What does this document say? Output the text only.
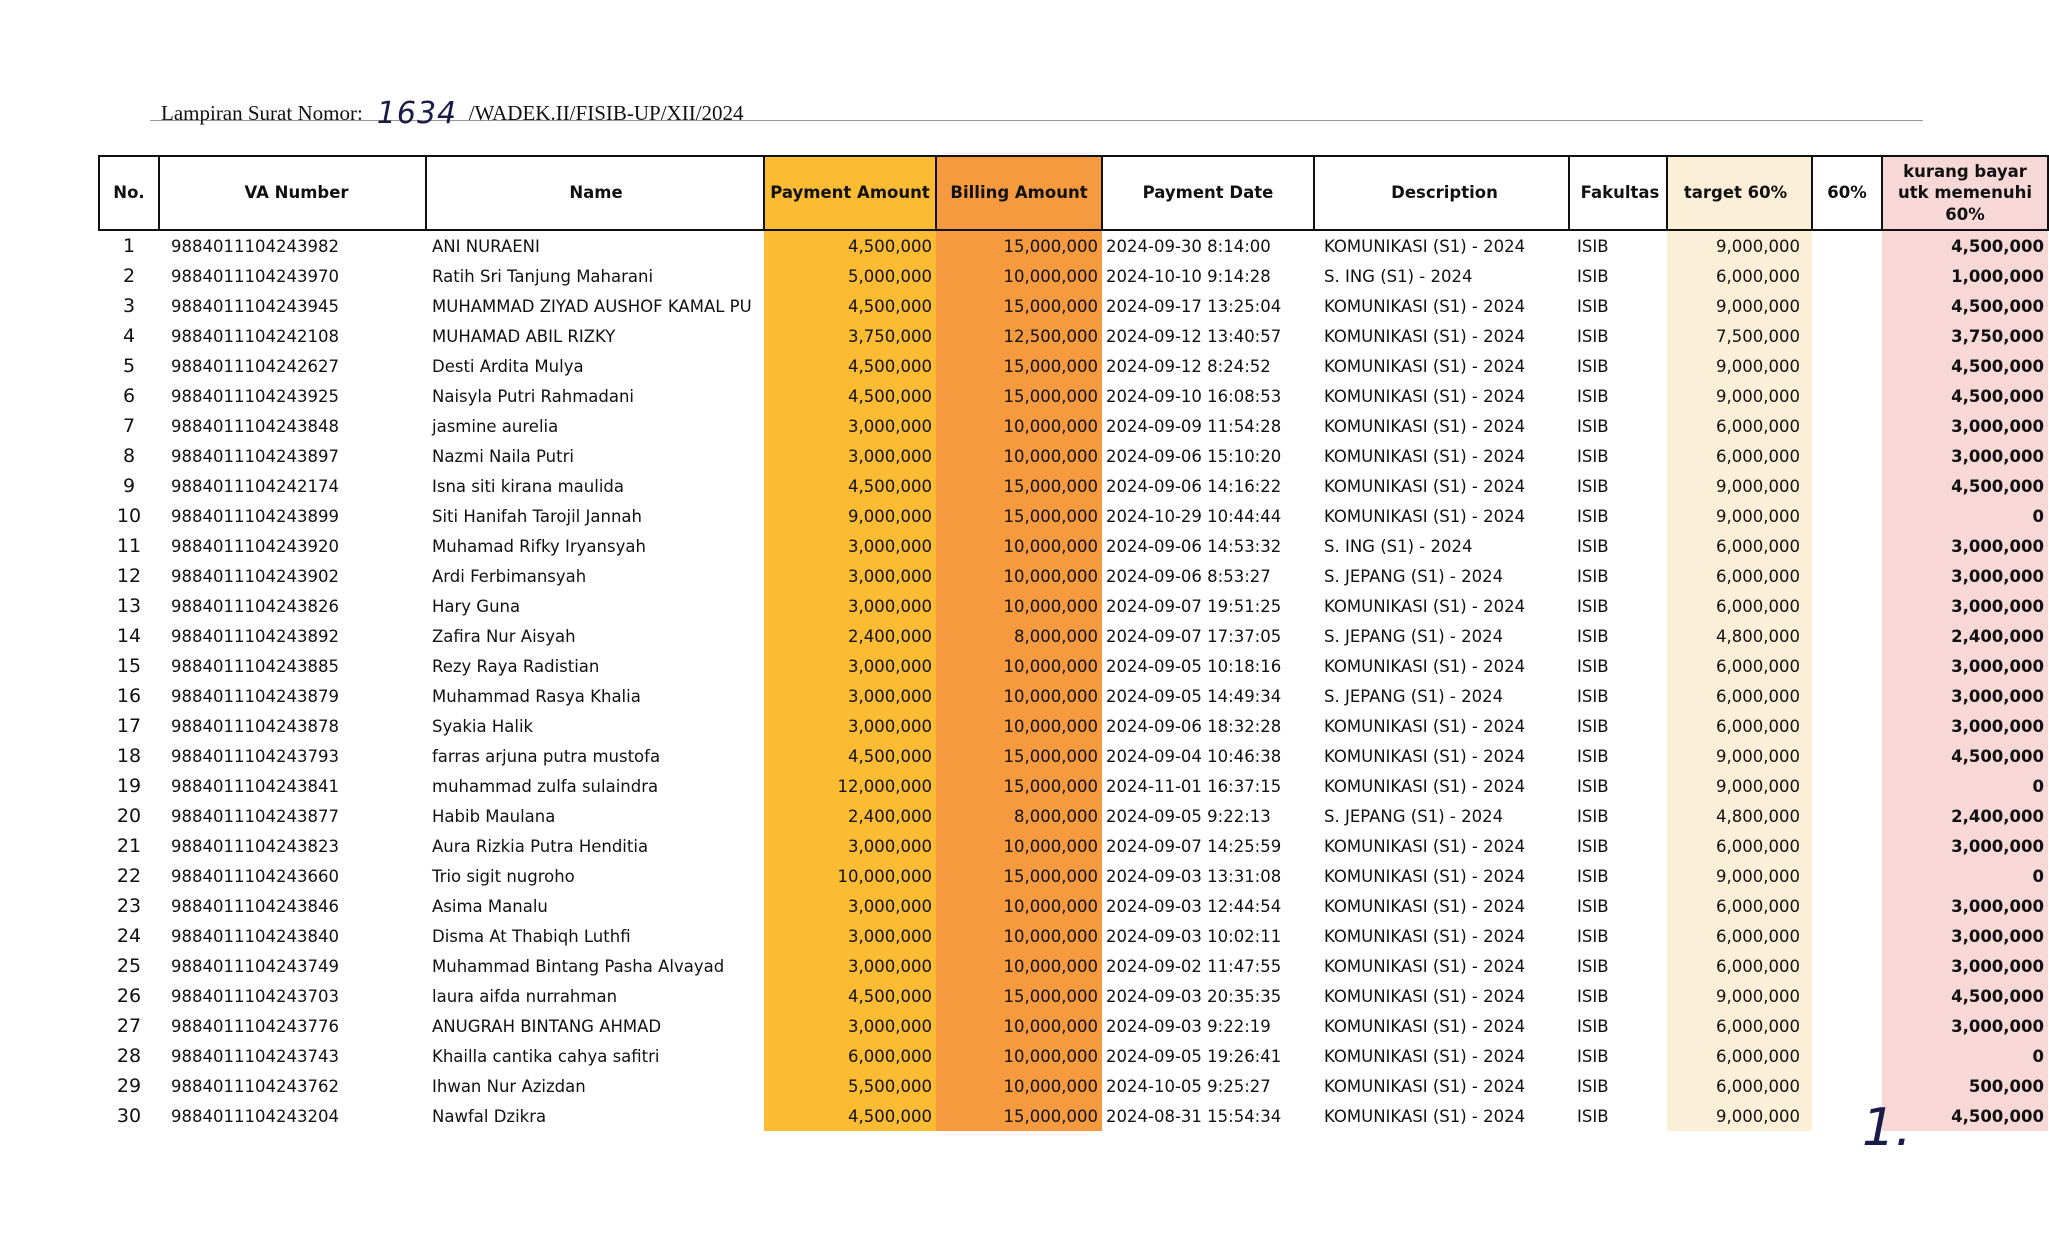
Lampiran Surat Nomor: 1634 /WADEK.II/FISIB-UP/XII/2024
No.	VA Number	Name	Payment Amount	Billing Amount	Payment Date	Description	Fakultas	target 60%	60%	kurang bayar utk memenuhi 60%
1	9884011104243982	ANI NURAENI	4,500,000	15,000,000	2024-09-30 8:14:00	KOMUNIKASI (S1) - 2024	ISIB	9,000,000		4,500,000
2	9884011104243970	Ratih Sri Tanjung Maharani	5,000,000	10,000,000	2024-10-10 9:14:28	S. ING (S1) - 2024	ISIB	6,000,000		1,000,000
3	9884011104243945	MUHAMMAD ZIYAD AUSHOF KAMAL PU	4,500,000	15,000,000	2024-09-17 13:25:04	KOMUNIKASI (S1) - 2024	ISIB	9,000,000		4,500,000
4	9884011104242108	MUHAMAD ABIL RIZKY	3,750,000	12,500,000	2024-09-12 13:40:57	KOMUNIKASI (S1) - 2024	ISIB	7,500,000		3,750,000
5	9884011104242627	Desti Ardita Mulya	4,500,000	15,000,000	2024-09-12 8:24:52	KOMUNIKASI (S1) - 2024	ISIB	9,000,000		4,500,000
6	9884011104243925	Naisyla Putri Rahmadani	4,500,000	15,000,000	2024-09-10 16:08:53	KOMUNIKASI (S1) - 2024	ISIB	9,000,000		4,500,000
7	9884011104243848	jasmine aurelia	3,000,000	10,000,000	2024-09-09 11:54:28	KOMUNIKASI (S1) - 2024	ISIB	6,000,000		3,000,000
8	9884011104243897	Nazmi Naila Putri	3,000,000	10,000,000	2024-09-06 15:10:20	KOMUNIKASI (S1) - 2024	ISIB	6,000,000		3,000,000
9	9884011104242174	Isna siti kirana maulida	4,500,000	15,000,000	2024-09-06 14:16:22	KOMUNIKASI (S1) - 2024	ISIB	9,000,000		4,500,000
10	9884011104243899	Siti Hanifah Tarojil Jannah	9,000,000	15,000,000	2024-10-29 10:44:44	KOMUNIKASI (S1) - 2024	ISIB	9,000,000		0
11	9884011104243920	Muhamad Rifky Iryansyah	3,000,000	10,000,000	2024-09-06 14:53:32	S. ING (S1) - 2024	ISIB	6,000,000		3,000,000
12	9884011104243902	Ardi Ferbimansyah	3,000,000	10,000,000	2024-09-06 8:53:27	S. JEPANG (S1) - 2024	ISIB	6,000,000		3,000,000
13	9884011104243826	Hary Guna	3,000,000	10,000,000	2024-09-07 19:51:25	KOMUNIKASI (S1) - 2024	ISIB	6,000,000		3,000,000
14	9884011104243892	Zafira Nur Aisyah	2,400,000	8,000,000	2024-09-07 17:37:05	S. JEPANG (S1) - 2024	ISIB	4,800,000		2,400,000
15	9884011104243885	Rezy Raya Radistian	3,000,000	10,000,000	2024-09-05 10:18:16	KOMUNIKASI (S1) - 2024	ISIB	6,000,000		3,000,000
16	9884011104243879	Muhammad Rasya Khalia	3,000,000	10,000,000	2024-09-05 14:49:34	S. JEPANG (S1) - 2024	ISIB	6,000,000		3,000,000
17	9884011104243878	Syakia Halik	3,000,000	10,000,000	2024-09-06 18:32:28	KOMUNIKASI (S1) - 2024	ISIB	6,000,000		3,000,000
18	9884011104243793	farras arjuna putra mustofa	4,500,000	15,000,000	2024-09-04 10:46:38	KOMUNIKASI (S1) - 2024	ISIB	9,000,000		4,500,000
19	9884011104243841	muhammad zulfa sulaindra	12,000,000	15,000,000	2024-11-01 16:37:15	KOMUNIKASI (S1) - 2024	ISIB	9,000,000		0
20	9884011104243877	Habib Maulana	2,400,000	8,000,000	2024-09-05 9:22:13	S. JEPANG (S1) - 2024	ISIB	4,800,000		2,400,000
21	9884011104243823	Aura Rizkia Putra Henditia	3,000,000	10,000,000	2024-09-07 14:25:59	KOMUNIKASI (S1) - 2024	ISIB	6,000,000		3,000,000
22	9884011104243660	Trio sigit nugroho	10,000,000	15,000,000	2024-09-03 13:31:08	KOMUNIKASI (S1) - 2024	ISIB	9,000,000		0
23	9884011104243846	Asima Manalu	3,000,000	10,000,000	2024-09-03 12:44:54	KOMUNIKASI (S1) - 2024	ISIB	6,000,000		3,000,000
24	9884011104243840	Disma At Thabiqh Luthfi	3,000,000	10,000,000	2024-09-03 10:02:11	KOMUNIKASI (S1) - 2024	ISIB	6,000,000		3,000,000
25	9884011104243749	Muhammad Bintang Pasha Alvayad	3,000,000	10,000,000	2024-09-02 11:47:55	KOMUNIKASI (S1) - 2024	ISIB	6,000,000		3,000,000
26	9884011104243703	laura aifda nurrahman	4,500,000	15,000,000	2024-09-03 20:35:35	KOMUNIKASI (S1) - 2024	ISIB	9,000,000		4,500,000
27	9884011104243776	ANUGRAH BINTANG AHMAD	3,000,000	10,000,000	2024-09-03 9:22:19	KOMUNIKASI (S1) - 2024	ISIB	6,000,000		3,000,000
28	9884011104243743	Khailla cantika cahya safitri	6,000,000	10,000,000	2024-09-05 19:26:41	KOMUNIKASI (S1) - 2024	ISIB	6,000,000		0
29	9884011104243762	Ihwan Nur Azizdan	5,500,000	10,000,000	2024-10-05 9:25:27	KOMUNIKASI (S1) - 2024	ISIB	6,000,000		500,000
30	9884011104243204	Nawfal Dzikra	4,500,000	15,000,000	2024-08-31 15:54:34	KOMUNIKASI (S1) - 2024	ISIB	9,000,000		4,500,000
1.
